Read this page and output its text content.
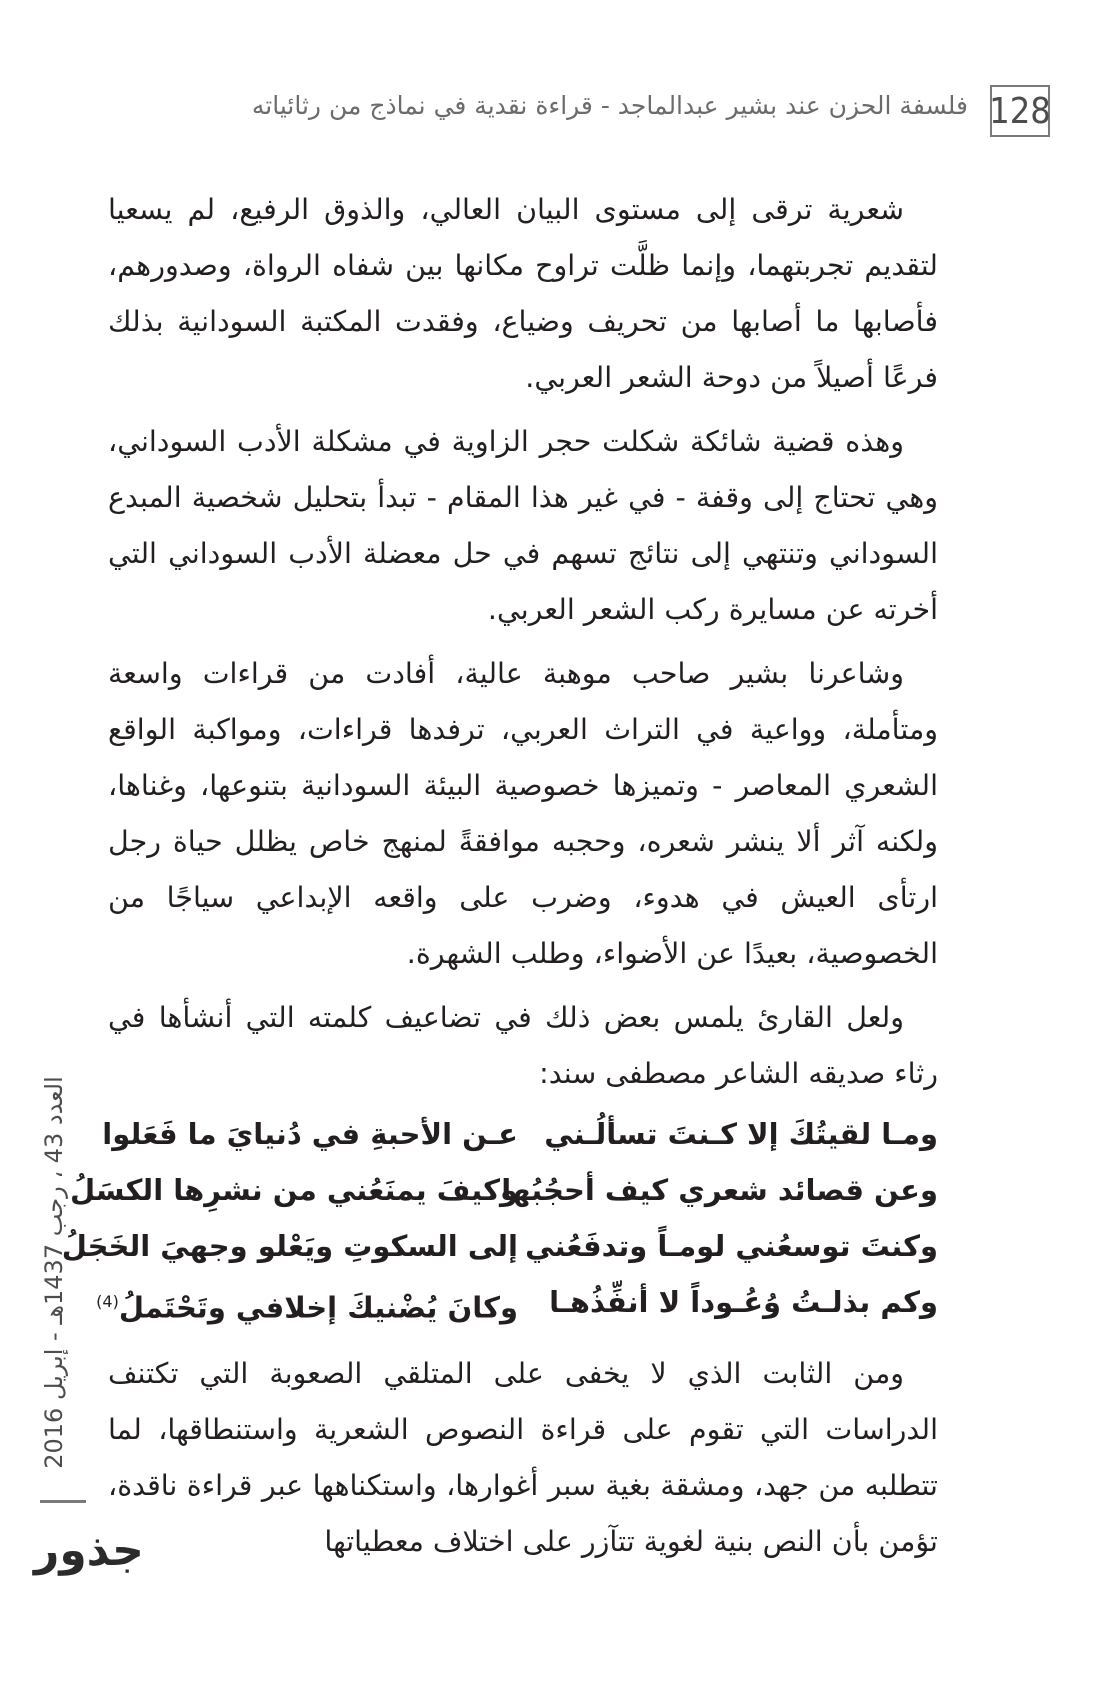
128
فلسفة الحزن عند بشير عبدالماجد - قراءة نقدية في نماذج من رثائياته

شعرية ترقى إلى مستوى البيان العالي، والذوق الرفيع، لم يسعيا لتقديم تجربتهما، وإنما ظلَّت تراوح مكانها بين شفاه الرواة، وصدورهم، فأصابها ما أصابها من تحريف وضياع، وفقدت المكتبة السودانية بذلك فرعًا أصيلاً من دوحة الشعر العربي.

وهذه قضية شائكة شكلت حجر الزاوية في مشكلة الأدب السوداني، وهي تحتاج إلى وقفة - في غير هذا المقام - تبدأ بتحليل شخصية المبدع السوداني وتنتهي إلى نتائج تسهم في حل معضلة الأدب السوداني التي أخرته عن مسايرة ركب الشعر العربي.

وشاعرنا بشير صاحب موهبة عالية، أفادت من قراءات واسعة ومتأملة، وواعية في التراث العربي، ترفدها قراءات، ومواكبة الواقع الشعري المعاصر - وتميزها خصوصية البيئة السودانية بتنوعها، وغناها، ولكنه آثر ألا ينشر شعره، وحجبه موافقةً لمنهج خاص يظلل حياة رجل ارتأى العيش في هدوء، وضرب على واقعه الإبداعي سياجًا من الخصوصية، بعيدًا عن الأضواء، وطلب الشهرة.

ولعل القارئ يلمس بعض ذلك في تضاعيف كلمته التي أنشأها في رثاء صديقه الشاعر مصطفى سند:

ومـا لقيتُكَ إلا كـنتَ تسألُـني
عـن الأحبةِ في دُنيايَ ما فَعَلوا
وعن قصائد شعري كيف أحجُبُها
وكيفَ يمنَعُني من نشرِها الكسَلُ
وكنتَ توسعُني لومـاً وتدفَعُني
إلى السكوتِ ويَعْلو وجهيَ الخَجَلُ
وكم بذلـتُ وُعُـوداً لا أنفِّذُهـا
وكانَ يُضْنيكَ إخلافي وتَحْتَملُ$^{(4)}$

ومن الثابت الذي لا يخفى على المتلقي الصعوبة التي تكتنف الدراسات التي تقوم على قراءة النصوص الشعرية واستنطاقها، لما تتطلبه من جهد، ومشقة بغية سبر أغوارها، واستكناهها عبر قراءة ناقدة، تؤمن بأن النص بنية لغوية تتآزر على اختلاف معطياتها

العدد 43 ، رجب 1437هـ - إبريل 2016
جذور
